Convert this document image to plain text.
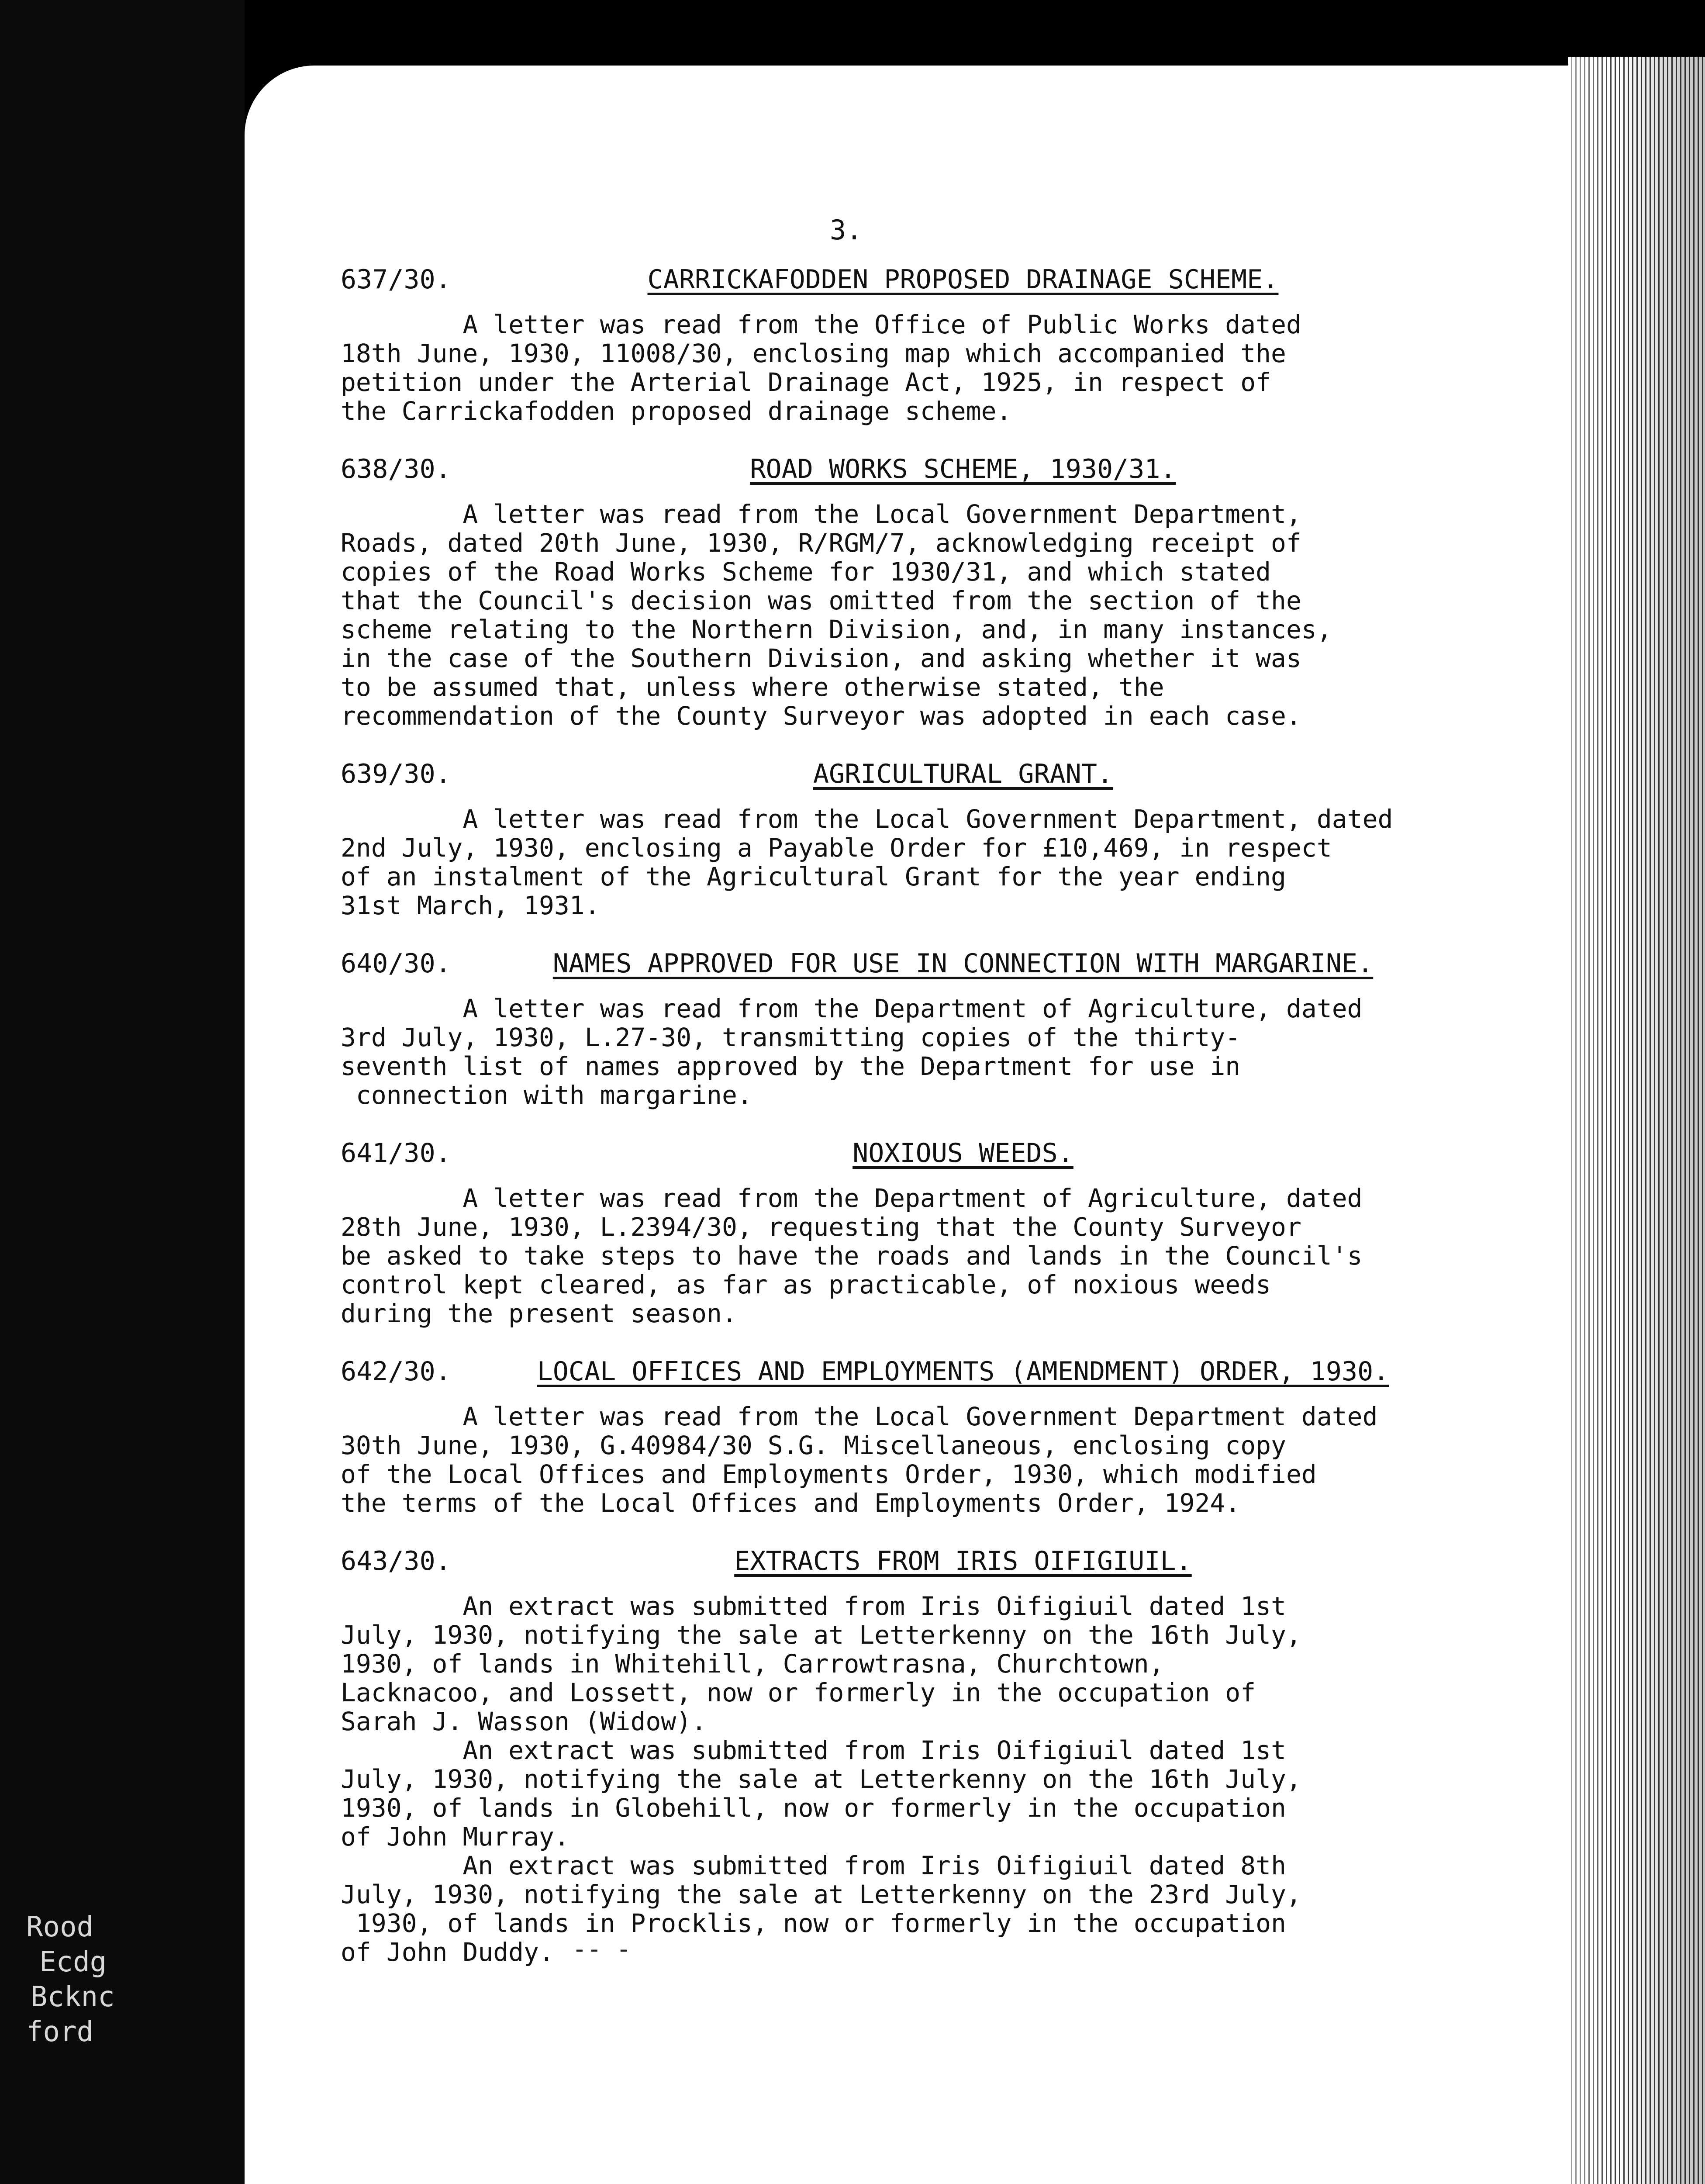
Rood
Ecdg
Bcknc
ford
3.
637/30.	CARRICKAFODDEN PROPOSED DRAINAGE SCHEME.

A letter was read from the Office of Public Works dated
18th June, 1930, 11008/30, enclosing map which accompanied the
petition under the Arterial Drainage Act, 1925, in respect of
the Carrickafodden proposed drainage scheme.

638/30.	ROAD WORKS SCHEME, 1930/31.

A letter was read from the Local Government Department,
Roads, dated 20th June, 1930, R/RGM/7, acknowledging receipt of
copies of the Road Works Scheme for 1930/31, and which stated
that the Council's decision was omitted from the section of the
scheme relating to the Northern Division, and, in many instances,
in the case of the Southern Division, and asking whether it was
to be assumed that, unless where otherwise stated, the
recommendation of the County Surveyor was adopted in each case.

639/30.	AGRICULTURAL GRANT.

A letter was read from the Local Government Department, dated
2nd July, 1930, enclosing a Payable Order for £10,469, in respect
of an instalment of the Agricultural Grant for the year ending
31st March, 1931.

640/30.	NAMES APPROVED FOR USE IN CONNECTION WITH MARGARINE.

A letter was read from the Department of Agriculture, dated
3rd July, 1930, L.27-30, transmitting copies of the thirty-
seventh list of names approved by the Department for use in
connection with margarine.

641/30.	NOXIOUS WEEDS.

A letter was read from the Department of Agriculture, dated
28th June, 1930, L.2394/30, requesting that the County Surveyor
be asked to take steps to have the roads and lands in the Council's
control kept cleared, as far as practicable, of noxious weeds
during the present season.

642/30.	LOCAL OFFICES AND EMPLOYMENTS (AMENDMENT) ORDER, 1930.

A letter was read from the Local Government Department dated
30th June, 1930, G.40984/30 S.G. Miscellaneous, enclosing copy
of the Local Offices and Employments Order, 1930, which modified
the terms of the Local Offices and Employments Order, 1924.

643/30.	EXTRACTS FROM IRIS OIFIGIUIL.

An extract was submitted from Iris Oifigiuil dated 1st
July, 1930, notifying the sale at Letterkenny on the 16th July,
1930, of lands in Whitehill, Carrowtrasna, Churchtown,
Lacknacoo, and Lossett, now or formerly in the occupation of
Sarah J. Wasson (Widow).

An extract was submitted from Iris Oifigiuil dated 1st
July, 1930, notifying the sale at Letterkenny on the 16th July,
1930, of lands in Globehill, now or formerly in the occupation
of John Murray.

An extract was submitted from Iris Oifigiuil dated 8th
July, 1930, notifying the sale at Letterkenny on the 23rd July,
1930, of lands in Procklis, now or formerly in the occupation
of John Duddy. -- -
